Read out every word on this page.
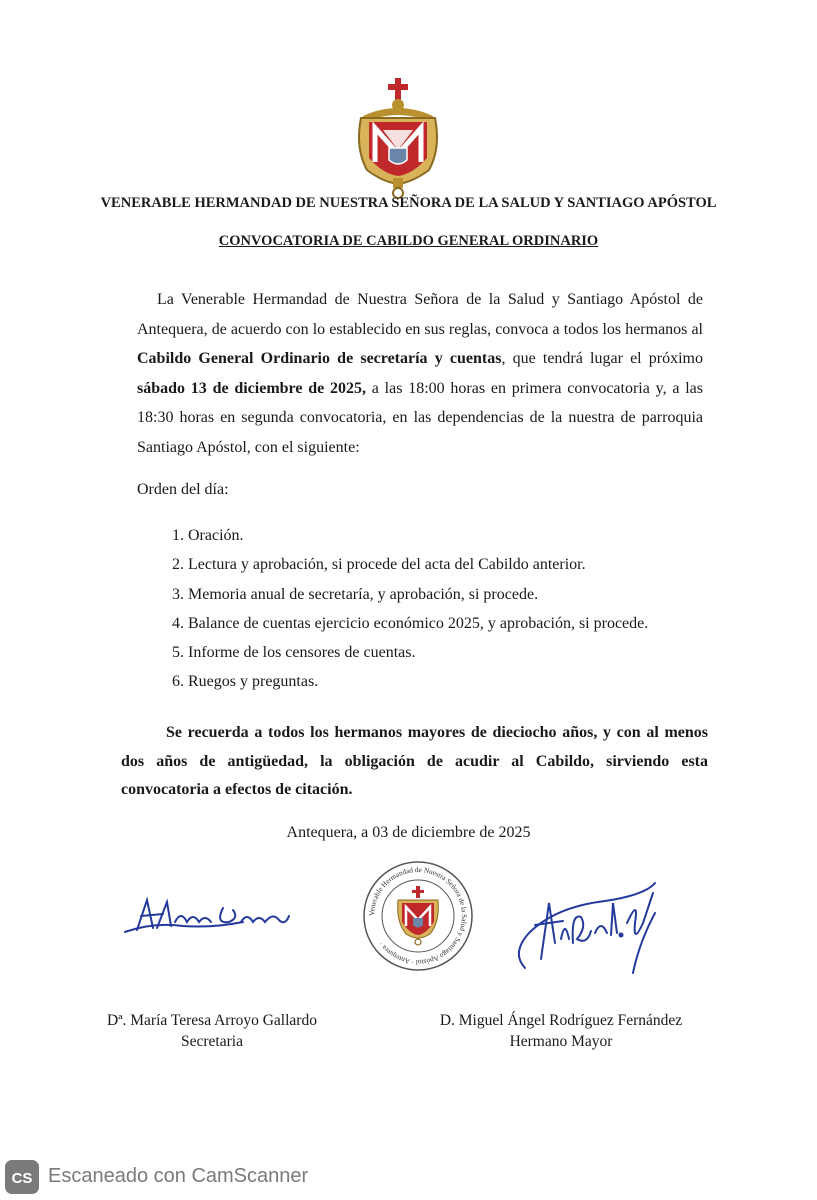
VENERABLE HERMANDAD DE NUESTRA SEÑORA DE LA SALUD Y SANTIAGO APÓSTOL
CONVOCATORIA DE CABILDO GENERAL ORDINARIO
La Venerable Hermandad de Nuestra Señora de la Salud y Santiago Apóstol de Antequera, de acuerdo con lo establecido en sus reglas, convoca a todos los hermanos al Cabildo General Ordinario de secretaría y cuentas, que tendrá lugar el próximo sábado 13 de diciembre de 2025, a las 18:00 horas en primera convocatoria y, a las 18:30 horas en segunda convocatoria, en las dependencias de la nuestra de parroquia Santiago Apóstol, con el siguiente:
Orden del día:
1. Oración.
2. Lectura y aprobación, si procede del acta del Cabildo anterior.
3. Memoria anual de secretaría, y aprobación, si procede.
4. Balance de cuentas ejercicio económico 2025, y aprobación, si procede.
5. Informe de los censores de cuentas.
6. Ruegos y preguntas.
Se recuerda a todos los hermanos mayores de dieciocho años, y con al menos dos años de antigüedad, la obligación de acudir al Cabildo, sirviendo esta convocatoria a efectos de citación.
Antequera, a 03 de diciembre de 2025
Venerable Hermandad de Nuestra Señora de la Salud y Santiago Apóstol · Antequera ·
Dª. María Teresa Arroyo Gallardo
Secretaria
D. Miguel Ángel Rodríguez Fernández
Hermano Mayor
CS Escaneado con CamScanner
